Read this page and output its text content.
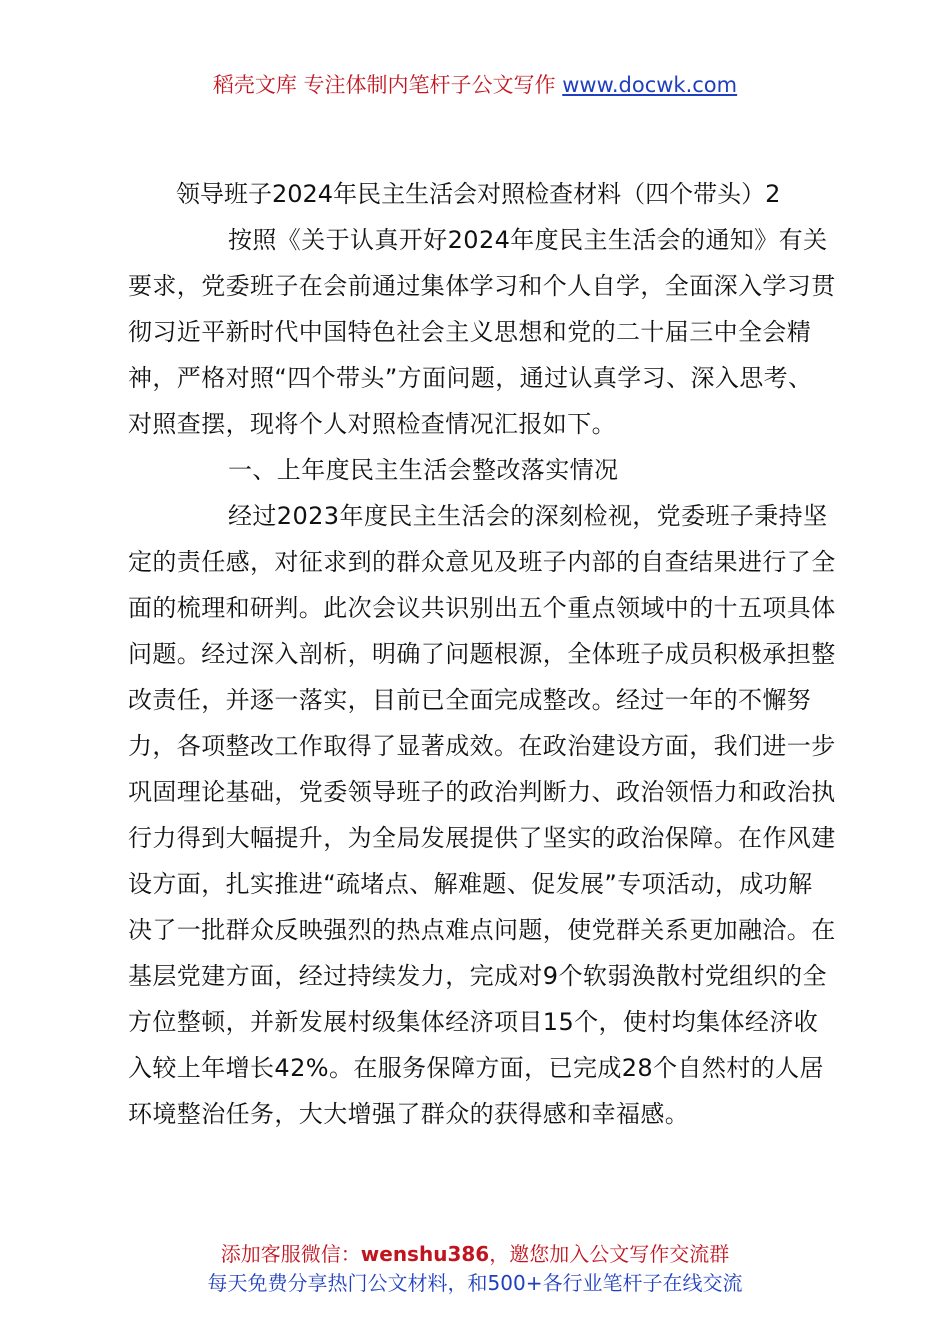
稻壳文库 专注体制内笔杆子公文写作 www.docwk.com

领导班子2024年民主生活会对照检查材料（四个带头）2

按照《关于认真开好2024年度民主生活会的通知》有关要求，党委班子在会前通过集体学习和个人自学，全面深入学习贯彻习近平新时代中国特色社会主义思想和党的二十届三中全会精神，严格对照“四个带头”方面问题，通过认真学习、深入思考、对照查摆，现将个人对照检查情况汇报如下。

一、上年度民主生活会整改落实情况

经过2023年度民主生活会的深刻检视，党委班子秉持坚定的责任感，对征求到的群众意见及班子内部的自查结果进行了全面的梳理和研判。此次会议共识别出五个重点领域中的十五项具体问题。经过深入剖析，明确了问题根源，全体班子成员积极承担整改责任，并逐一落实，目前已全面完成整改。经过一年的不懈努力，各项整改工作取得了显著成效。在政治建设方面，我们进一步巩固理论基础，党委领导班子的政治判断力、政治领悟力和政治执行力得到大幅提升，为全局发展提供了坚实的政治保障。在作风建设方面，扎实推进“疏堵点、解难题、促发展”专项活动，成功解决了一批群众反映强烈的热点难点问题，使党群关系更加融洽。在基层党建方面，经过持续发力，完成对9个软弱涣散村党组织的全方位整顿，并新发展村级集体经济项目15个，使村均集体经济收入较上年增长42%。在服务保障方面，已完成28个自然村的人居环境整治任务，大大增强了群众的获得感和幸福感。

添加客服微信：wenshu386，邀您加入公文写作交流群
每天免费分享热门公文材料，和500+各行业笔杆子在线交流
